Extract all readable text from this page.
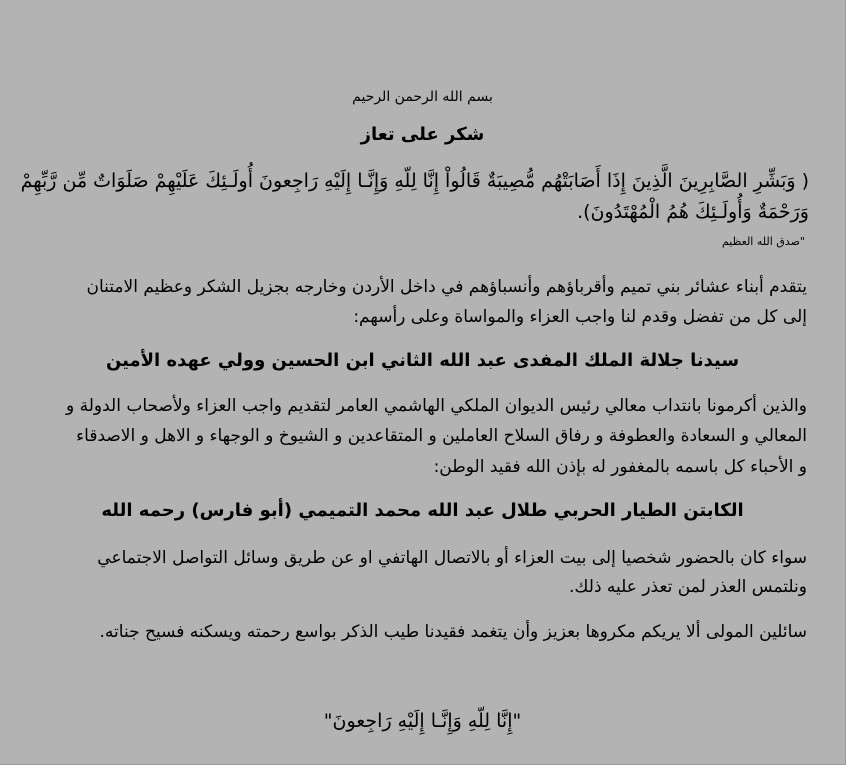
بسم الله الرحمن الرحيم

شكر على تعاز

( وَبَشِّرِ الصَّابِرِينَ الَّذِينَ إِذَا أَصَابَتْهُم مُّصِيبَةٌ قَالُواْ إِنَّا لِلّهِ وَإِنَّـا إِلَيْهِ رَاجِعونَ أُولَـئِكَ عَلَيْهِمْ صَلَوَاتٌ مِّن رَّبِّهِمْ

وَرَحْمَةٌ وَأُولَـئِكَ هُمُ الْمُهْتَدُونَ).

"صدق الله العظيم

يتقدم أبناء عشائر بني تميم وأقرباؤهم وأنسباؤهم في داخل الأردن وخارجه بجزيل الشكر وعظيم الامتنان

إلى كل من تفضل وقدم لنا واجب العزاء والمواساة وعلى رأسهم:

سيدنا جلالة الملك المفدى عبد الله الثاني ابن الحسين وولي عهده الأمين

والذين أكرمونا بانتداب معالي رئيس الديوان الملكي الهاشمي العامر لتقديم واجب العزاء ولأصحاب الدولة و

المعالي و السعادة والعطوفة و رفاق السلاح العاملين و المتقاعدين و الشيوخ و الوجهاء و الاهل و الاصدقاء

و الأحباء كل باسمه بالمغفور له بإذن الله فقيد الوطن:

الكابتن الطيار الحربي طلال عبد الله محمد التميمي (أبو فارس) رحمه الله

سواء كان بالحضور شخصيا إلى بيت العزاء أو بالاتصال الهاتفي او عن طريق وسائل التواصل الاجتماعي

ونلتمس العذر لمن تعذر عليه ذلك.

سائلين المولى ألا يريكم مكروها بعزيز وأن يتغمد فقيدنا طيب الذكر بواسع رحمته ويسكنه فسيح جناته.

"إِنَّا لِلّهِ وَإِنَّـا إِلَيْهِ رَاجِعونَ"
